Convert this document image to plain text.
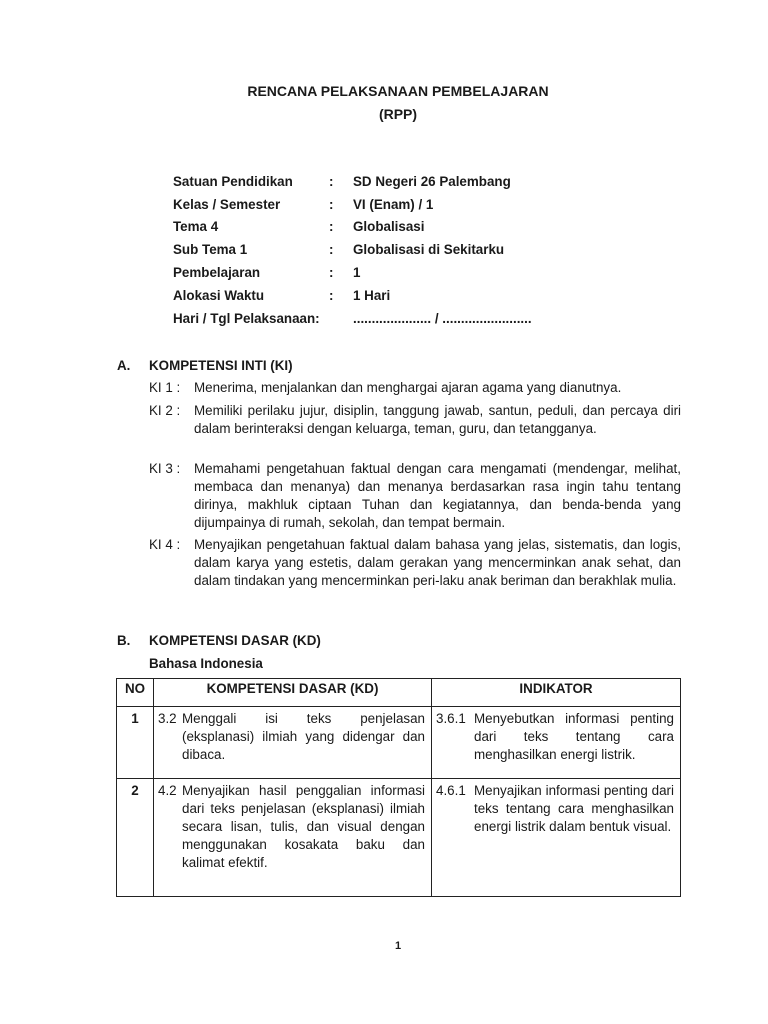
RENCANA PELAKSANAAN PEMBELAJARAN
(RPP)
Satuan Pendidikan	: SD Negeri 26 Palembang
Kelas / Semester	: VI (Enam) / 1
Tema 4	: Globalisasi
Sub Tema 1	: Globalisasi di Sekitarku
Pembelajaran	: 1
Alokasi Waktu	: 1 Hari
Hari / Tgl Pelaksanaan:	..................... / ........................
A. KOMPETENSI INTI (KI)
KI 1 : Menerima, menjalankan dan menghargai ajaran agama yang dianutnya.
KI 2 : Memiliki perilaku jujur, disiplin, tanggung jawab, santun, peduli, dan percaya diri dalam berinteraksi dengan keluarga, teman, guru, dan tetangganya.
KI 3 : Memahami pengetahuan faktual dengan cara mengamati (mendengar, melihat, membaca dan menanya) dan menanya berdasarkan rasa ingin tahu tentang dirinya, makhluk ciptaan Tuhan dan kegiatannya, dan benda-benda yang dijumpainya di rumah, sekolah, dan tempat bermain.
KI 4 : Menyajikan pengetahuan faktual dalam bahasa yang jelas, sistematis, dan logis, dalam karya yang estetis, dalam gerakan yang mencerminkan anak sehat, dan dalam tindakan yang mencerminkan peri-laku anak beriman dan berakhlak mulia.
B. KOMPETENSI DASAR (KD)
Bahasa Indonesia
NO	KOMPETENSI DASAR (KD)	INDIKATOR
1	3.2 Menggali isi teks penjelasan (eksplanasi) ilmiah yang didengar dan dibaca.	3.6.1 Menyebutkan informasi penting dari teks tentang cara menghasilkan energi listrik.

2	4.2 Menyajikan hasil penggalian informasi dari teks penjelasan (eksplanasi) ilmiah secara lisan, tulis, dan visual dengan menggunakan kosakata baku dan kalimat efektif.	4.6.1 Menyajikan informasi penting dari teks tentang cara menghasilkan energi listrik dalam bentuk visual.
1
